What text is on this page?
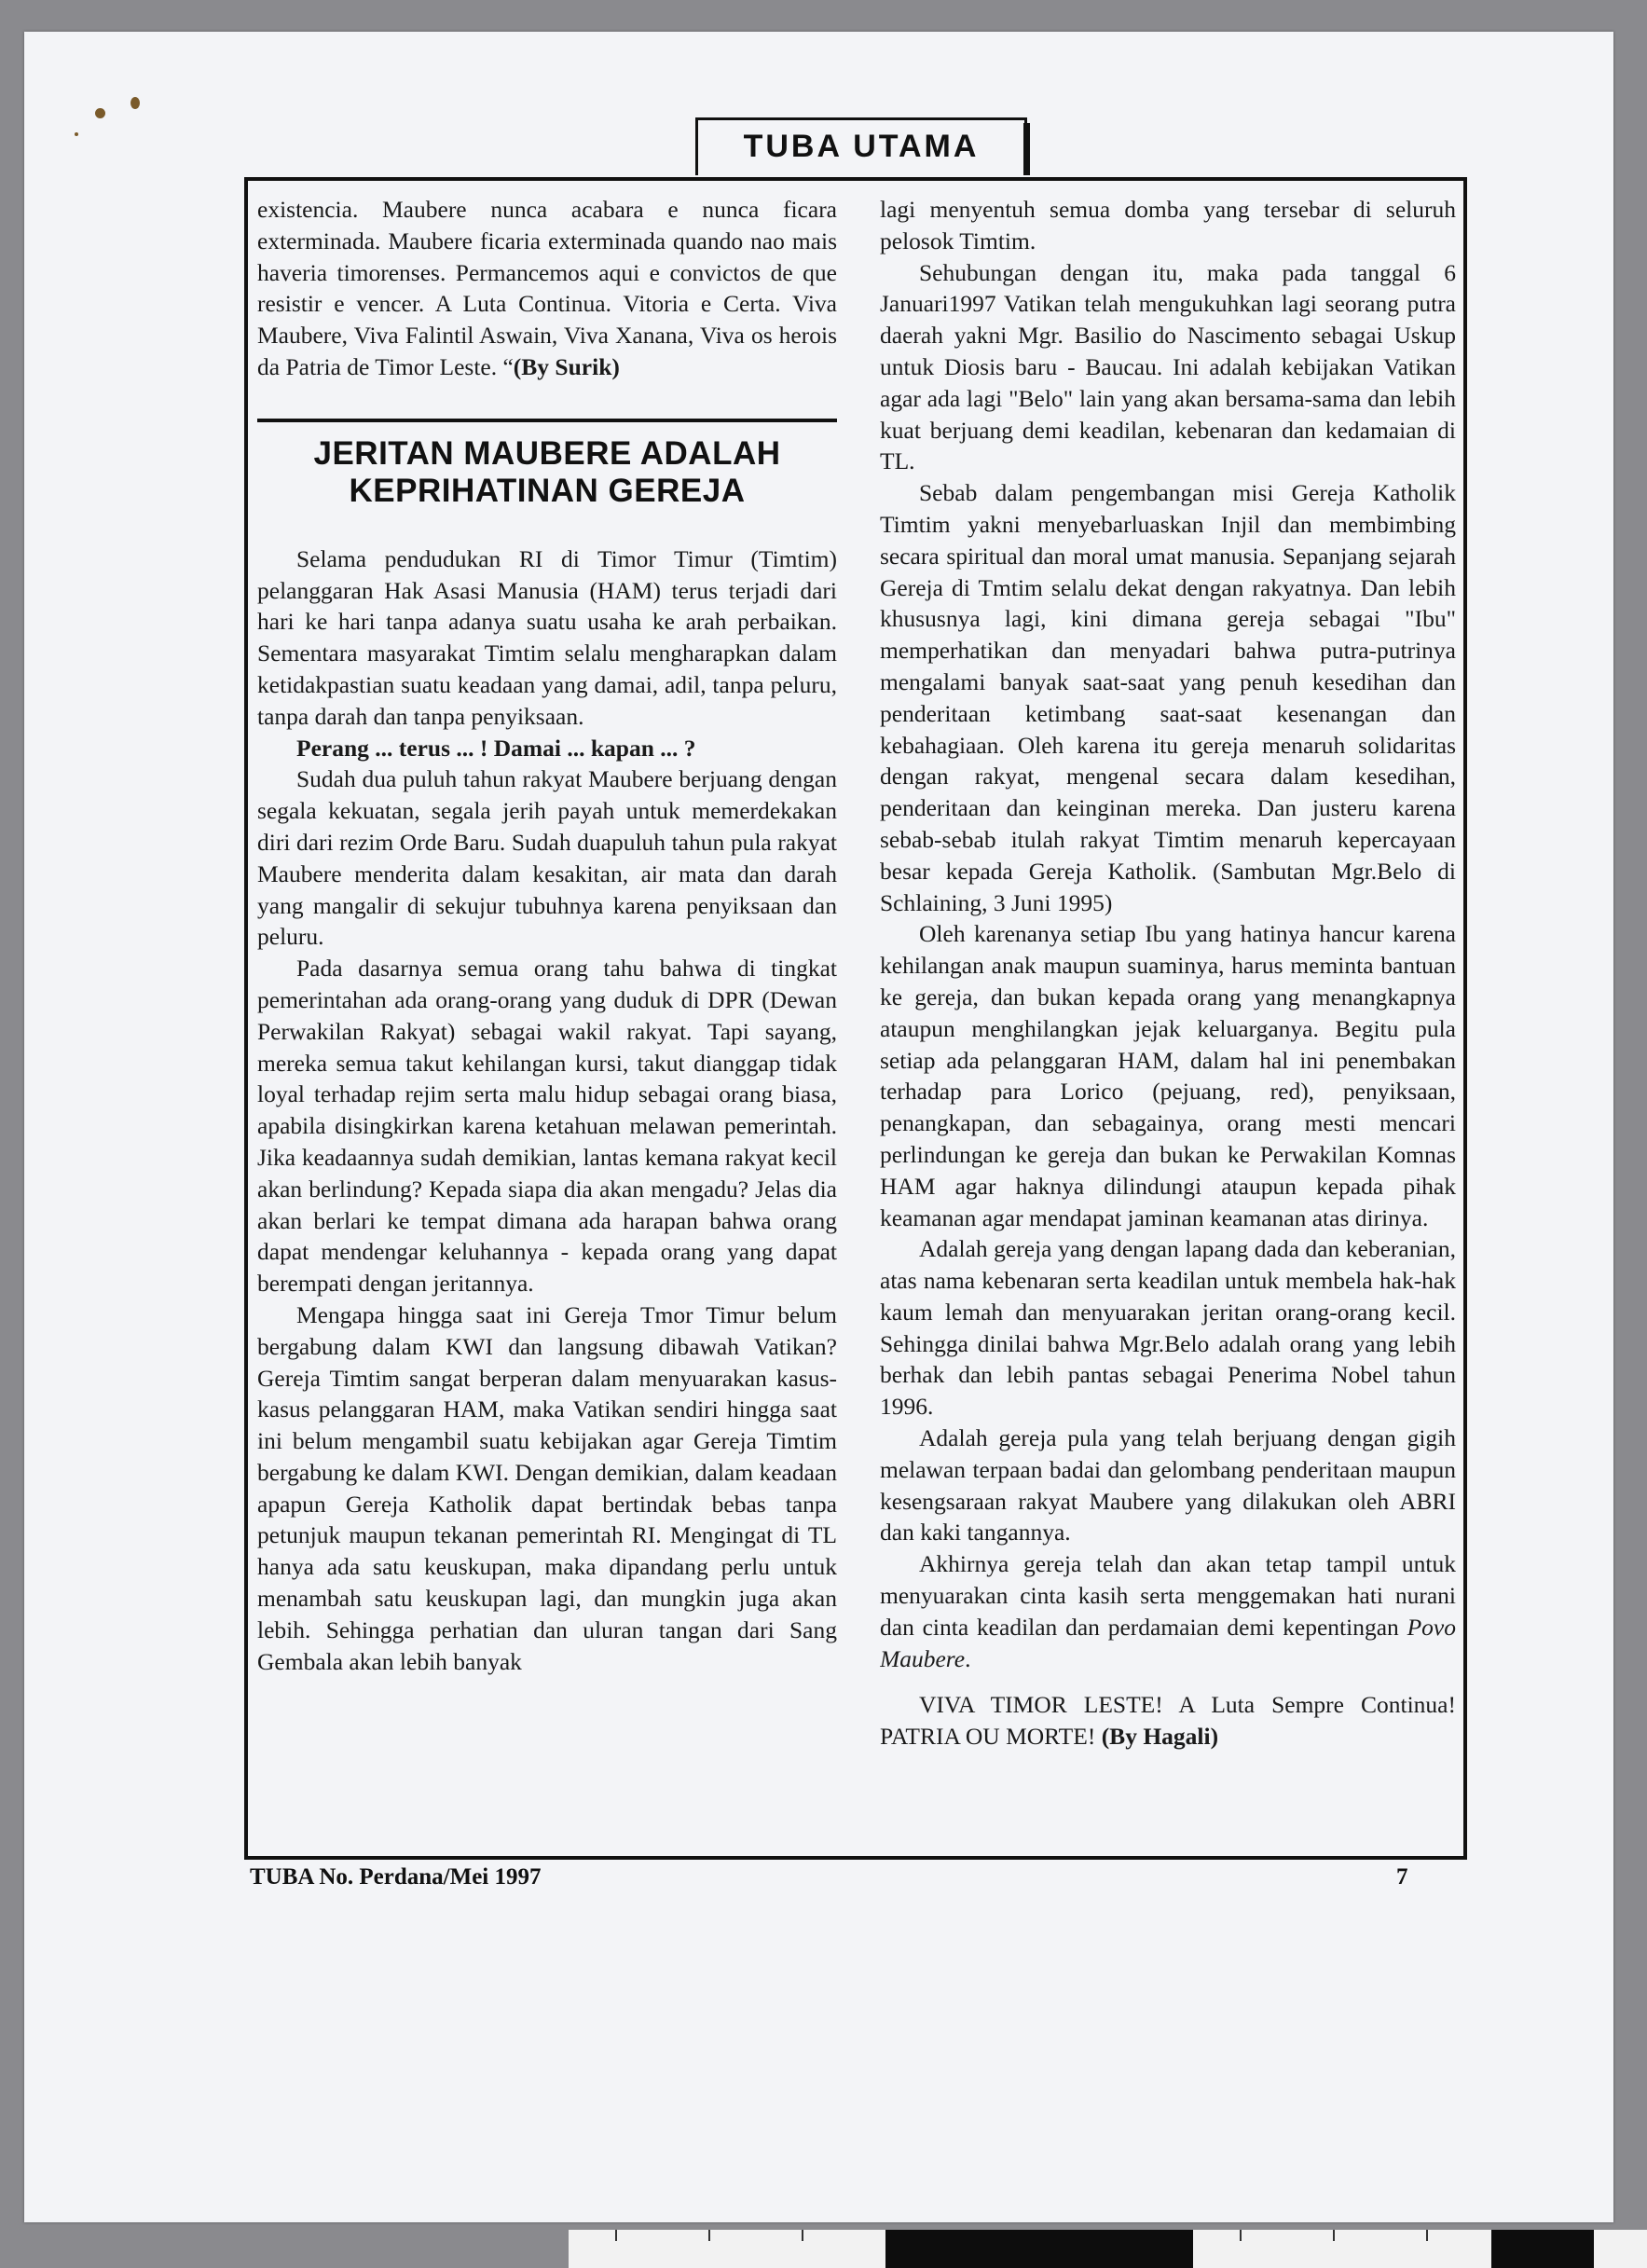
TUBA UTAMA

existencia. Maubere nunca acabara e nunca ficara exterminada. Maubere ficaria exterminada quando nao mais haveria timorenses. Permancemos aqui e convictos de que resistir e vencer. A Luta Continua. Vitoria e Certa. Viva Maubere, Viva Falintil Aswain, Viva Xanana, Viva os herois da Patria de Timor Leste. “(By Surik)

JERITAN MAUBERE ADALAH KEPRIHATINAN GEREJA

Selama pendudukan RI di Timor Timur (Timtim) pelanggaran Hak Asasi Manusia (HAM) terus terjadi dari hari ke hari tanpa adanya suatu usaha ke arah perbaikan. Sementara masyarakat Timtim selalu mengharapkan dalam ketidakpastian suatu keadaan yang damai, adil, tanpa peluru, tanpa darah dan tanpa penyiksaan.

Perang ... terus ... ! Damai ... kapan ... ?

Sudah dua puluh tahun rakyat Maubere berjuang dengan segala kekuatan, segala jerih payah untuk memerdekakan diri dari rezim Orde Baru. Sudah duapuluh tahun pula rakyat Maubere menderita dalam kesakitan, air mata dan darah yang mangalir di sekujur tubuhnya karena penyiksaan dan peluru.

Pada dasarnya semua orang tahu bahwa di tingkat pemerintahan ada orang-orang yang duduk di DPR (Dewan Perwakilan Rakyat) sebagai wakil rakyat. Tapi sayang, mereka semua takut kehilangan kursi, takut dianggap tidak loyal terhadap rejim serta malu hidup sebagai orang biasa, apabila disingkirkan karena ketahuan melawan pemerintah. Jika keadaannya sudah demikian, lantas kemana rakyat kecil akan berlindung? Kepada siapa dia akan mengadu? Jelas dia akan berlari ke tempat dimana ada harapan bahwa orang dapat mendengar keluhannya - kepada orang yang dapat berempati dengan jeritannya.

Mengapa hingga saat ini Gereja Tmor Timur belum bergabung dalam KWI dan langsung dibawah Vatikan? Gereja Timtim sangat berperan dalam menyuarakan kasus-kasus pelanggaran HAM, maka Vatikan sendiri hingga saat ini belum mengambil suatu kebijakan agar Gereja Timtim bergabung ke dalam KWI. Dengan demikian, dalam keadaan apapun Gereja Katholik dapat bertindak bebas tanpa petunjuk maupun tekanan pemerintah RI. Mengingat di TL hanya ada satu keuskupan, maka dipandang perlu untuk menambah satu keuskupan lagi, dan mungkin juga akan lebih. Sehingga perhatian dan uluran tangan dari Sang Gembala akan lebih banyak

lagi menyentuh semua domba yang tersebar di seluruh pelosok Timtim.

Sehubungan dengan itu, maka pada tanggal 6 Januari1997 Vatikan telah mengukuhkan lagi seorang putra daerah yakni Mgr. Basilio do Nascimento sebagai Uskup untuk Diosis baru - Baucau. Ini adalah kebijakan Vatikan agar ada lagi "Belo" lain yang akan bersama-sama dan lebih kuat berjuang demi keadilan, kebenaran dan kedamaian di TL.

Sebab dalam pengembangan misi Gereja Katholik Timtim yakni menyebarluaskan Injil dan membimbing secara spiritual dan moral umat manusia. Sepanjang sejarah Gereja di Tmtim selalu dekat dengan rakyatnya. Dan lebih khususnya lagi, kini dimana gereja sebagai "Ibu" memperhatikan dan menyadari bahwa putra-putrinya mengalami banyak saat-saat yang penuh kesedihan dan penderitaan ketimbang saat-saat kesenangan dan kebahagiaan. Oleh karena itu gereja menaruh solidaritas dengan rakyat, mengenal secara dalam kesedihan, penderitaan dan keinginan mereka. Dan justeru karena sebab-sebab itulah rakyat Timtim menaruh kepercayaan besar kepada Gereja Katholik. (Sambutan Mgr.Belo di Schlaining, 3 Juni 1995)

Oleh karenanya setiap Ibu yang hatinya hancur karena kehilangan anak maupun suaminya, harus meminta bantuan ke gereja, dan bukan kepada orang yang menangkapnya ataupun menghilangkan jejak keluarganya. Begitu pula setiap ada pelanggaran HAM, dalam hal ini penembakan terhadap para Lorico (pejuang, red), penyiksaan, penangkapan, dan sebagainya, orang mesti mencari perlindungan ke gereja dan bukan ke Perwakilan Komnas HAM agar haknya dilindungi ataupun kepada pihak keamanan agar mendapat jaminan keamanan atas dirinya.

Adalah gereja yang dengan lapang dada dan keberanian, atas nama kebenaran serta keadilan untuk membela hak-hak kaum lemah dan menyuarakan jeritan orang-orang kecil. Sehingga dinilai bahwa Mgr.Belo adalah orang yang lebih berhak dan lebih pantas sebagai Penerima Nobel tahun 1996.

Adalah gereja pula yang telah berjuang dengan gigih melawan terpaan badai dan gelombang penderitaan maupun kesengsaraan rakyat Maubere yang dilakukan oleh ABRI dan kaki tangannya.

Akhirnya gereja telah dan akan tetap tampil untuk menyuarakan cinta kasih serta menggemakan hati nurani dan cinta keadilan dan perdamaian demi kepentingan Povo Maubere.

VIVA TIMOR LESTE! A Luta Sempre Continua! PATRIA OU MORTE! (By Hagali)

TUBA No. Perdana/Mei 1997	7
